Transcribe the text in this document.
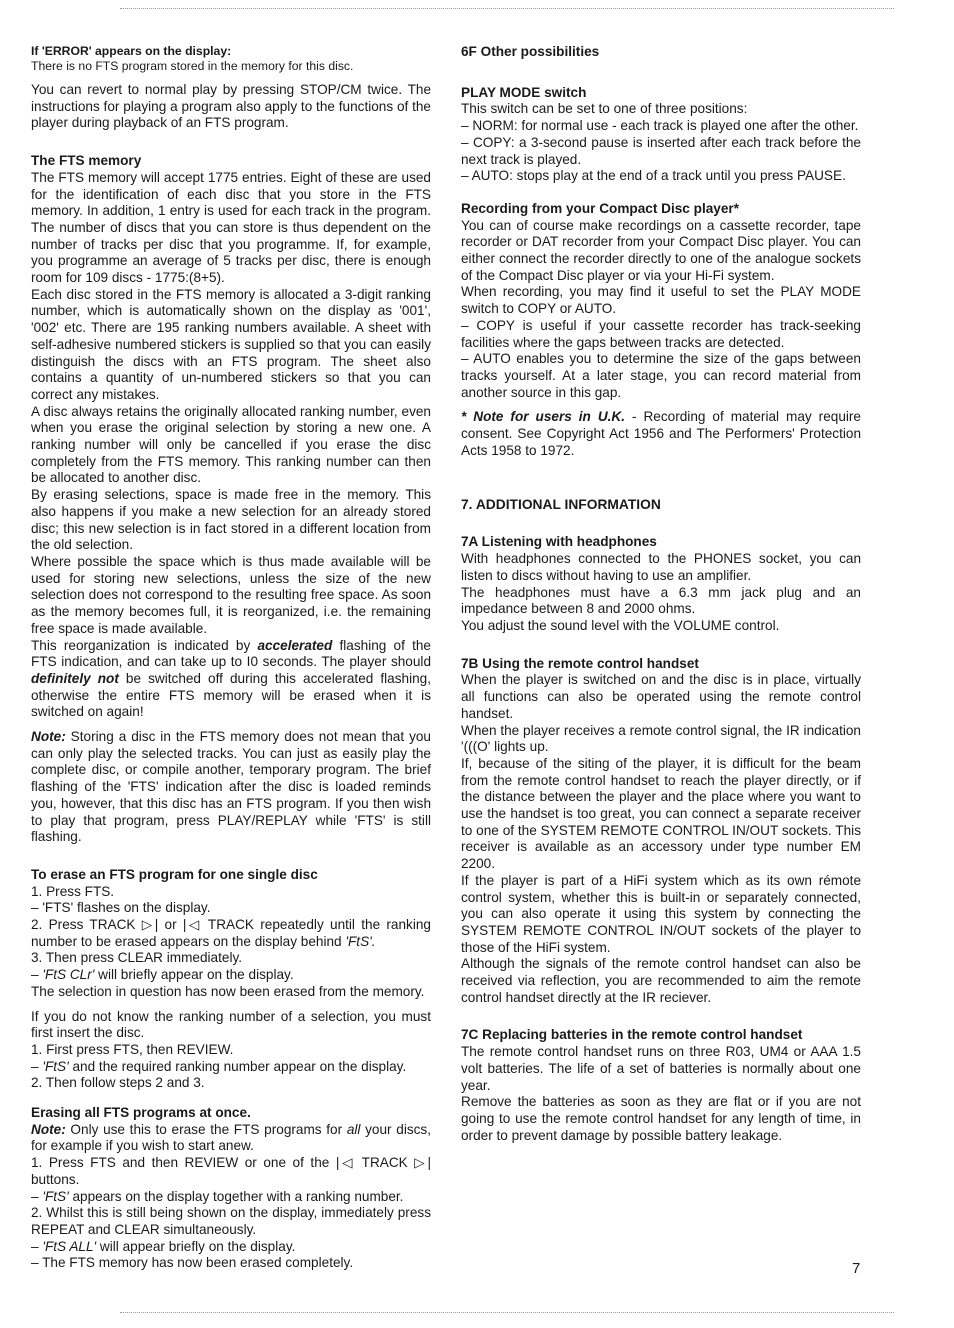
If 'ERROR' appears on the display:
There is no FTS program stored in the memory for this disc.

You can revert to normal play by pressing STOP/CM twice. The instructions for playing a program also apply to the functions of the player during playback of an FTS program.

The FTS memory

The FTS memory will accept 1775 entries. Eight of these are used for the identification of each disc that you store in the FTS memory. In addition, 1 entry is used for each track in the program. The number of discs that you can store is thus dependent on the number of tracks per disc that you programme. If, for example, you programme an average of 5 tracks per disc, there is enough room for 109 discs - 1775:(8+5).

Each disc stored in the FTS memory is allocated a 3-digit ranking number, which is automatically shown on the display as '001', '002' etc. There are 195 ranking numbers available. A sheet with self-adhesive numbered stickers is supplied so that you can easily distinguish the discs with an FTS program. The sheet also contains a quantity of un-numbered stickers so that you can correct any mistakes.

A disc always retains the originally allocated ranking number, even when you erase the original selection by storing a new one. A ranking number will only be cancelled if you erase the disc completely from the FTS memory. This ranking number can then be allocated to another disc.

By erasing selections, space is made free in the memory. This also happens if you make a new selection for an already stored disc; this new selection is in fact stored in a different location from the old selection.

Where possible the space which is thus made available will be used for storing new selections, unless the size of the new selection does not correspond to the resulting free space. As soon as the memory becomes full, it is reorganized, i.e. the remaining free space is made available.

This reorganization is indicated by accelerated flashing of the FTS indication, and can take up to I0 seconds. The player should definitely not be switched off during this accelerated flashing, otherwise the entire FTS memory will be erased when it is switched on again!

Note: Storing a disc in the FTS memory does not mean that you can only play the selected tracks. You can just as easily play the complete disc, or compile another, temporary program. The brief flashing of the 'FTS' indication after the disc is loaded reminds you, however, that this disc has an FTS program. If you then wish to play that program, press PLAY/REPLAY while 'FTS' is still flashing.

To erase an FTS program for one single disc

1. Press FTS.

– 'FTS' flashes on the display.

2. Press TRACK ▷| or |◁ TRACK repeatedly until the ranking number to be erased appears on the display behind 'FtS'.

3. Then press CLEAR immediately.

– 'FtS CLr' will briefly appear on the display.

The selection in question has now been erased from the memory.

If you do not know the ranking number of a selection, you must first insert the disc.

1. First press FTS, then REVIEW.

– 'FtS' and the required ranking number appear on the display.

2. Then follow steps 2 and 3.

Erasing all FTS programs at once.

Note: Only use this to erase the FTS programs for all your discs, for example if you wish to start anew.

1. Press FTS and then REVIEW or one of the |◁ TRACK ▷| buttons.

– 'FtS' appears on the display together with a ranking number.

2. Whilst this is still being shown on the display, immediately press REPEAT and CLEAR simultaneously.

– 'FtS ALL' will appear briefly on the display.

– The FTS memory has now been erased completely.

6F Other possibilities
PLAY MODE switch

This switch can be set to one of three positions:

– NORM: for normal use - each track is played one after the other.

– COPY: a 3-second pause is inserted after each track before the next track is played.

– AUTO: stops play at the end of a track until you press PAUSE.

Recording from your Compact Disc player*

You can of course make recordings on a cassette recorder, tape recorder or DAT recorder from your Compact Disc player. You can either connect the recorder directly to one of the analogue sockets of the Compact Disc player or via your Hi-Fi system.

When recording, you may find it useful to set the PLAY MODE switch to COPY or AUTO.

– COPY is useful if your cassette recorder has track-seeking facilities where the gaps between tracks are detected.

– AUTO enables you to determine the size of the gaps between tracks yourself. At a later stage, you can record material from another source in this gap.

* Note for users in U.K. - Recording of material may require consent. See Copyright Act 1956 and The Performers' Protection Acts 1958 to 1972.

7. ADDITIONAL INFORMATION
7A Listening with headphones

With headphones connected to the PHONES socket, you can listen to discs without having to use an amplifier.

The headphones must have a 6.3 mm jack plug and an impedance between 8 and 2000 ohms.

You adjust the sound level with the VOLUME control.

7B Using the remote control handset

When the player is switched on and the disc is in place, virtually all functions can also be operated using the remote control handset.

When the player receives a remote control signal, the IR indication '(((O' lights up.

If, because of the siting of the player, it is difficult for the beam from the remote control handset to reach the player directly, or if the distance between the player and the place where you want to use the handset is too great, you can connect a separate receiver to one of the SYSTEM REMOTE CONTROL IN/OUT sockets. This receiver is available as an accessory under type number EM 2200.

If the player is part of a HiFi system which as its own rémote control system, whether this is built-in or separately connected, you can also operate it using this system by connecting the SYSTEM REMOTE CONTROL IN/OUT sockets of the player to those of the HiFi system.

Although the signals of the remote control handset can also be received via reflection, you are recommended to aim the remote control handset directly at the IR reciever.

7C Replacing batteries in the remote control handset

The remote control handset runs on three R03, UM4 or AAA 1.5 volt batteries. The life of a set of batteries is normally about one year.

Remove the batteries as soon as they are flat or if you are not going to use the remote control handset for any length of time, in order to prevent damage by possible battery leakage.

7
